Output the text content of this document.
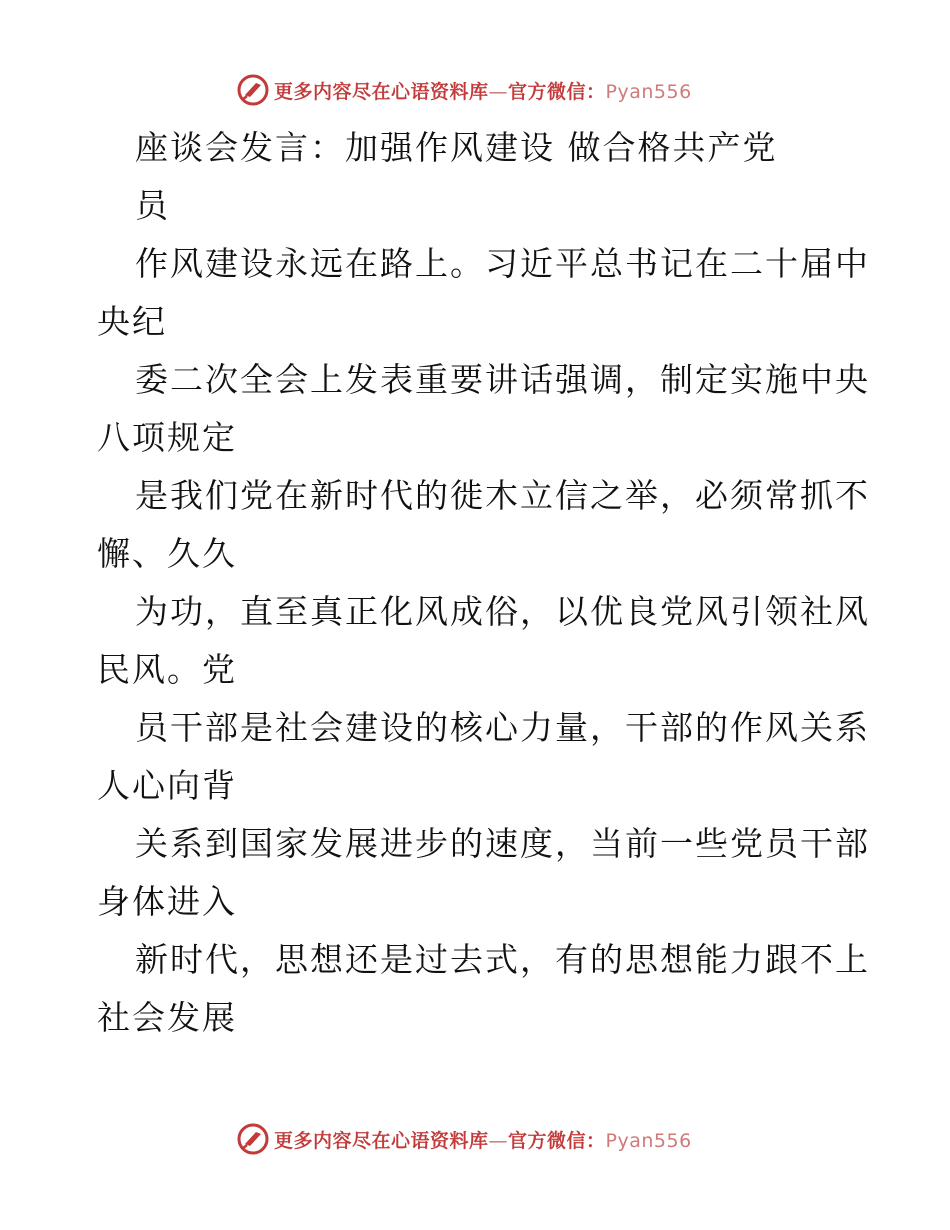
更多内容尽在心语资料库—官方微信：Pyan556
座谈会发言：加强作风建设 做合格共产党
员
作风建设永远在路上。习近平总书记在二十届中
央纪
委二次全会上发表重要讲话强调，制定实施中央
八项规定
是我们党在新时代的徙木立信之举，必须常抓不
懈、久久
为功，直至真正化风成俗，以优良党风引领社风
民风。党
员干部是社会建设的核心力量，干部的作风关系
人心向背
关系到国家发展进步的速度，当前一些党员干部
身体进入
新时代，思想还是过去式，有的思想能力跟不上
社会发展
更多内容尽在心语资料库—官方微信：Pyan556
